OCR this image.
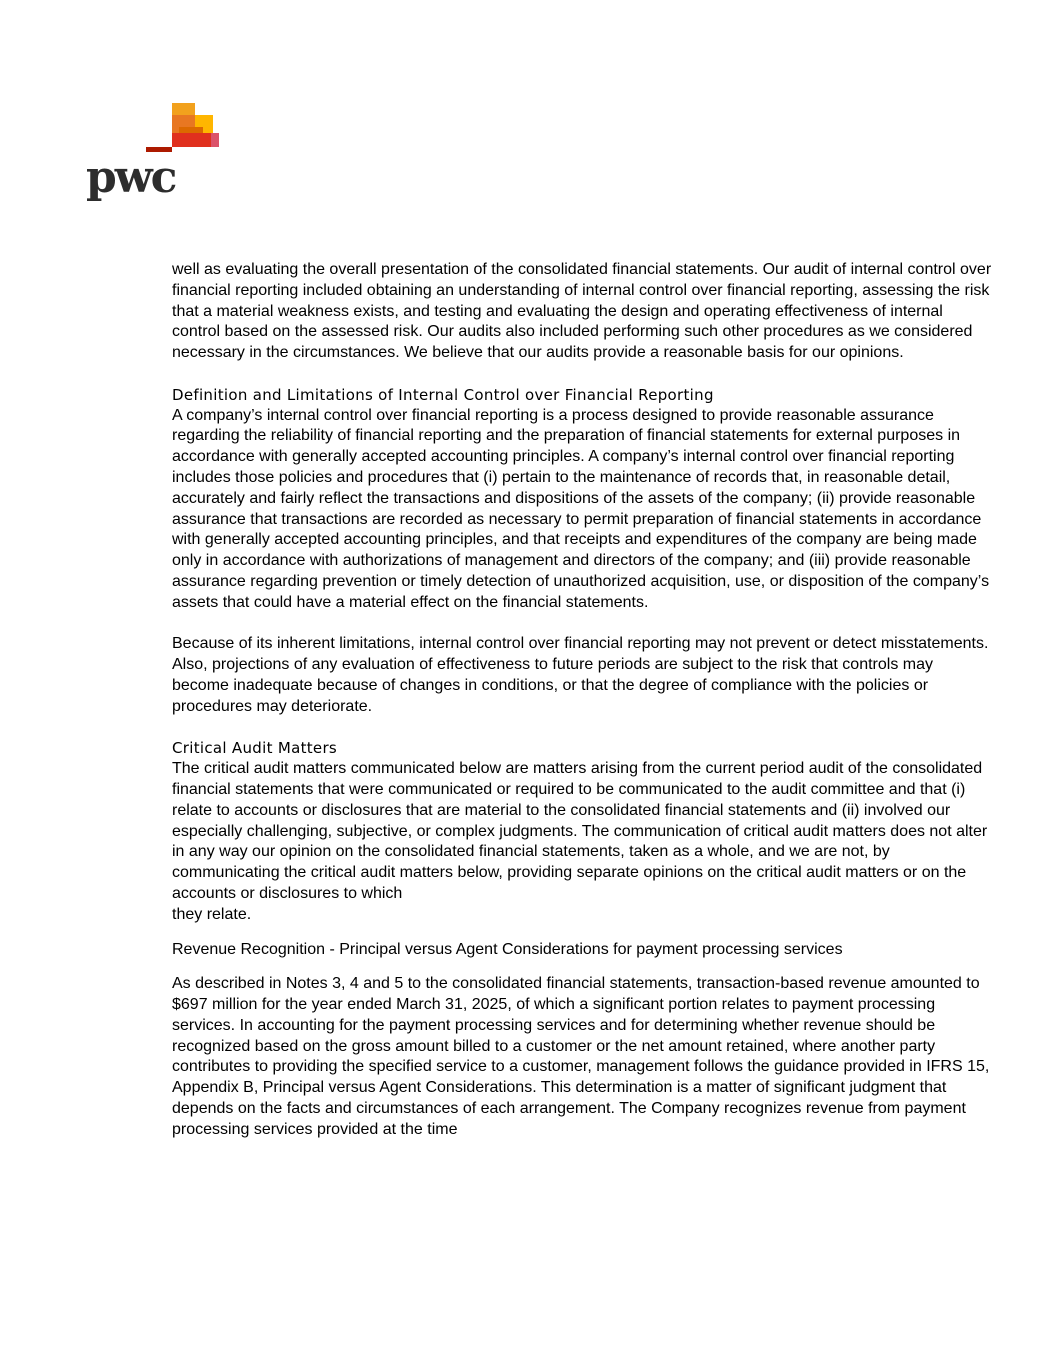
pwc

well as evaluating the overall presentation of the consolidated financial statements. Our audit of internal control over financial reporting included obtaining an understanding of internal control over financial reporting, assessing the risk that a material weakness exists, and testing and evaluating the design and operating effectiveness of internal control based on the assessed risk. Our audits also included performing such other procedures as we considered necessary in the circumstances. We believe that our audits provide a reasonable basis for our opinions.

Definition and Limitations of Internal Control over Financial Reporting

A company’s internal control over financial reporting is a process designed to provide reasonable assurance regarding the reliability of financial reporting and the preparation of financial statements for external purposes in accordance with generally accepted accounting principles. A company’s internal control over financial reporting includes those policies and procedures that (i) pertain to the maintenance of records that, in reasonable detail, accurately and fairly reflect the transactions and dispositions of the assets of the company; (ii) provide reasonable assurance that transactions are recorded as necessary to permit preparation of financial statements in accordance with generally accepted accounting principles, and that receipts and expenditures of the company are being made only in accordance with authorizations of management and directors of the company; and (iii) provide reasonable assurance regarding prevention or timely detection of unauthorized acquisition, use, or disposition of the company’s assets that could have a material effect on the financial statements.

Because of its inherent limitations, internal control over financial reporting may not prevent or detect misstatements. Also, projections of any evaluation of effectiveness to future periods are subject to the risk that controls may become inadequate because of changes in conditions, or that the degree of compliance with the policies or procedures may deteriorate.

Critical Audit Matters

The critical audit matters communicated below are matters arising from the current period audit of the consolidated financial statements that were communicated or required to be communicated to the audit committee and that (i) relate to accounts or disclosures that are material to the consolidated financial statements and (ii) involved our especially challenging, subjective, or complex judgments. The communication of critical audit matters does not alter in any way our opinion on the consolidated financial statements, taken as a whole, and we are not, by communicating the critical audit matters below, providing separate opinions on the critical audit matters or on the accounts or disclosures to which
they relate.

Revenue Recognition - Principal versus Agent Considerations for payment processing services

As described in Notes 3, 4 and 5 to the consolidated financial statements, transaction-based revenue amounted to $697 million for the year ended March 31, 2025, of which a significant portion relates to payment processing services. In accounting for the payment processing services and for determining whether revenue should be recognized based on the gross amount billed to a customer or the net amount retained, where another party contributes to providing the specified service to a customer, management follows the guidance provided in IFRS 15, Appendix B, Principal versus Agent Considerations. This determination is a matter of significant judgment that depends on the facts and circumstances of each arrangement. The Company recognizes revenue from payment processing services provided at the time
